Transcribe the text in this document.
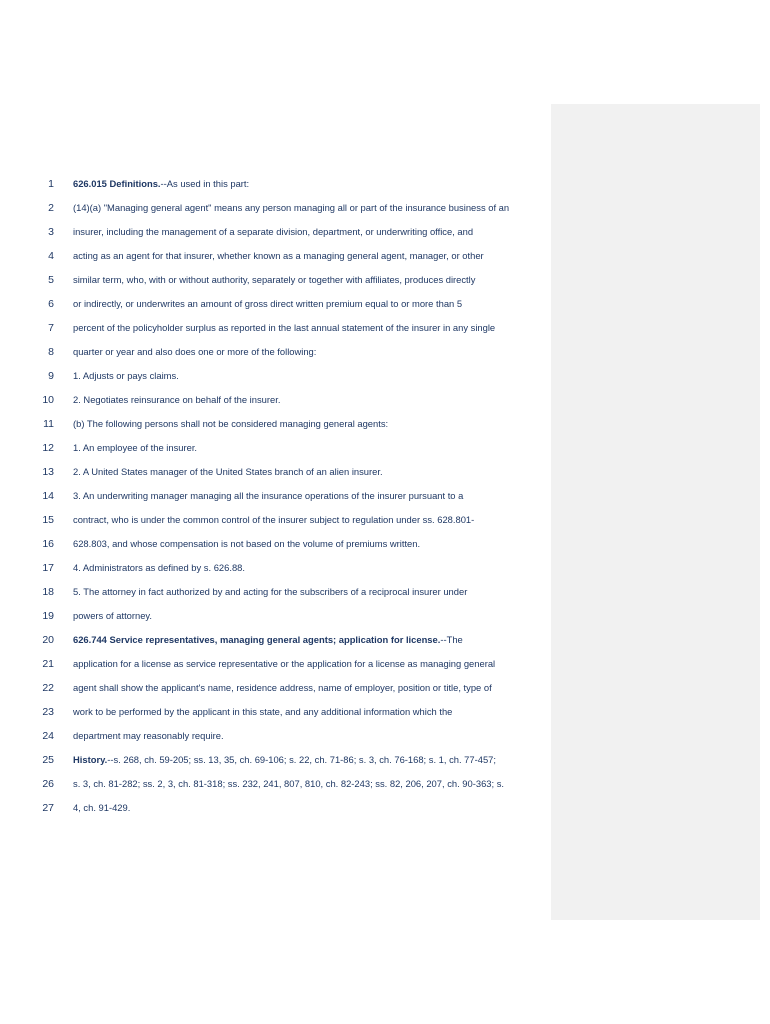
1 626.015 Definitions.--As used in this part:
2 (14)(a) "Managing general agent" means any person managing all or part of the insurance business of an
3 insurer, including the management of a separate division, department, or underwriting office, and
4 acting as an agent for that insurer, whether known as a managing general agent, manager, or other
5 similar term, who, with or without authority, separately or together with affiliates, produces directly
6 or indirectly, or underwrites an amount of gross direct written premium equal to or more than 5
7 percent of the policyholder surplus as reported in the last annual statement of the insurer in any single
8 quarter or year and also does one or more of the following:
9 1. Adjusts or pays claims.
10 2. Negotiates reinsurance on behalf of the insurer.
11 (b) The following persons shall not be considered managing general agents:
12 1. An employee of the insurer.
13 2. A United States manager of the United States branch of an alien insurer.
14 3. An underwriting manager managing all the insurance operations of the insurer pursuant to a
15 contract, who is under the common control of the insurer subject to regulation under ss. 628.801-
16 628.803, and whose compensation is not based on the volume of premiums written.
17 4. Administrators as defined by s. 626.88.
18 5. The attorney in fact authorized by and acting for the subscribers of a reciprocal insurer under
19 powers of attorney.
20 626.744 Service representatives, managing general agents; application for license.--The
21 application for a license as service representative or the application for a license as managing general
22 agent shall show the applicant's name, residence address, name of employer, position or title, type of
23 work to be performed by the applicant in this state, and any additional information which the
24 department may reasonably require.
25 History.--s. 268, ch. 59-205; ss. 13, 35, ch. 69-106; s. 22, ch. 71-86; s. 3, ch. 76-168; s. 1, ch. 77-457;
26 s. 3, ch. 81-282; ss. 2, 3, ch. 81-318; ss. 232, 241, 807, 810, ch. 82-243; ss. 82, 206, 207, ch. 90-363; s.
27 4, ch. 91-429.
